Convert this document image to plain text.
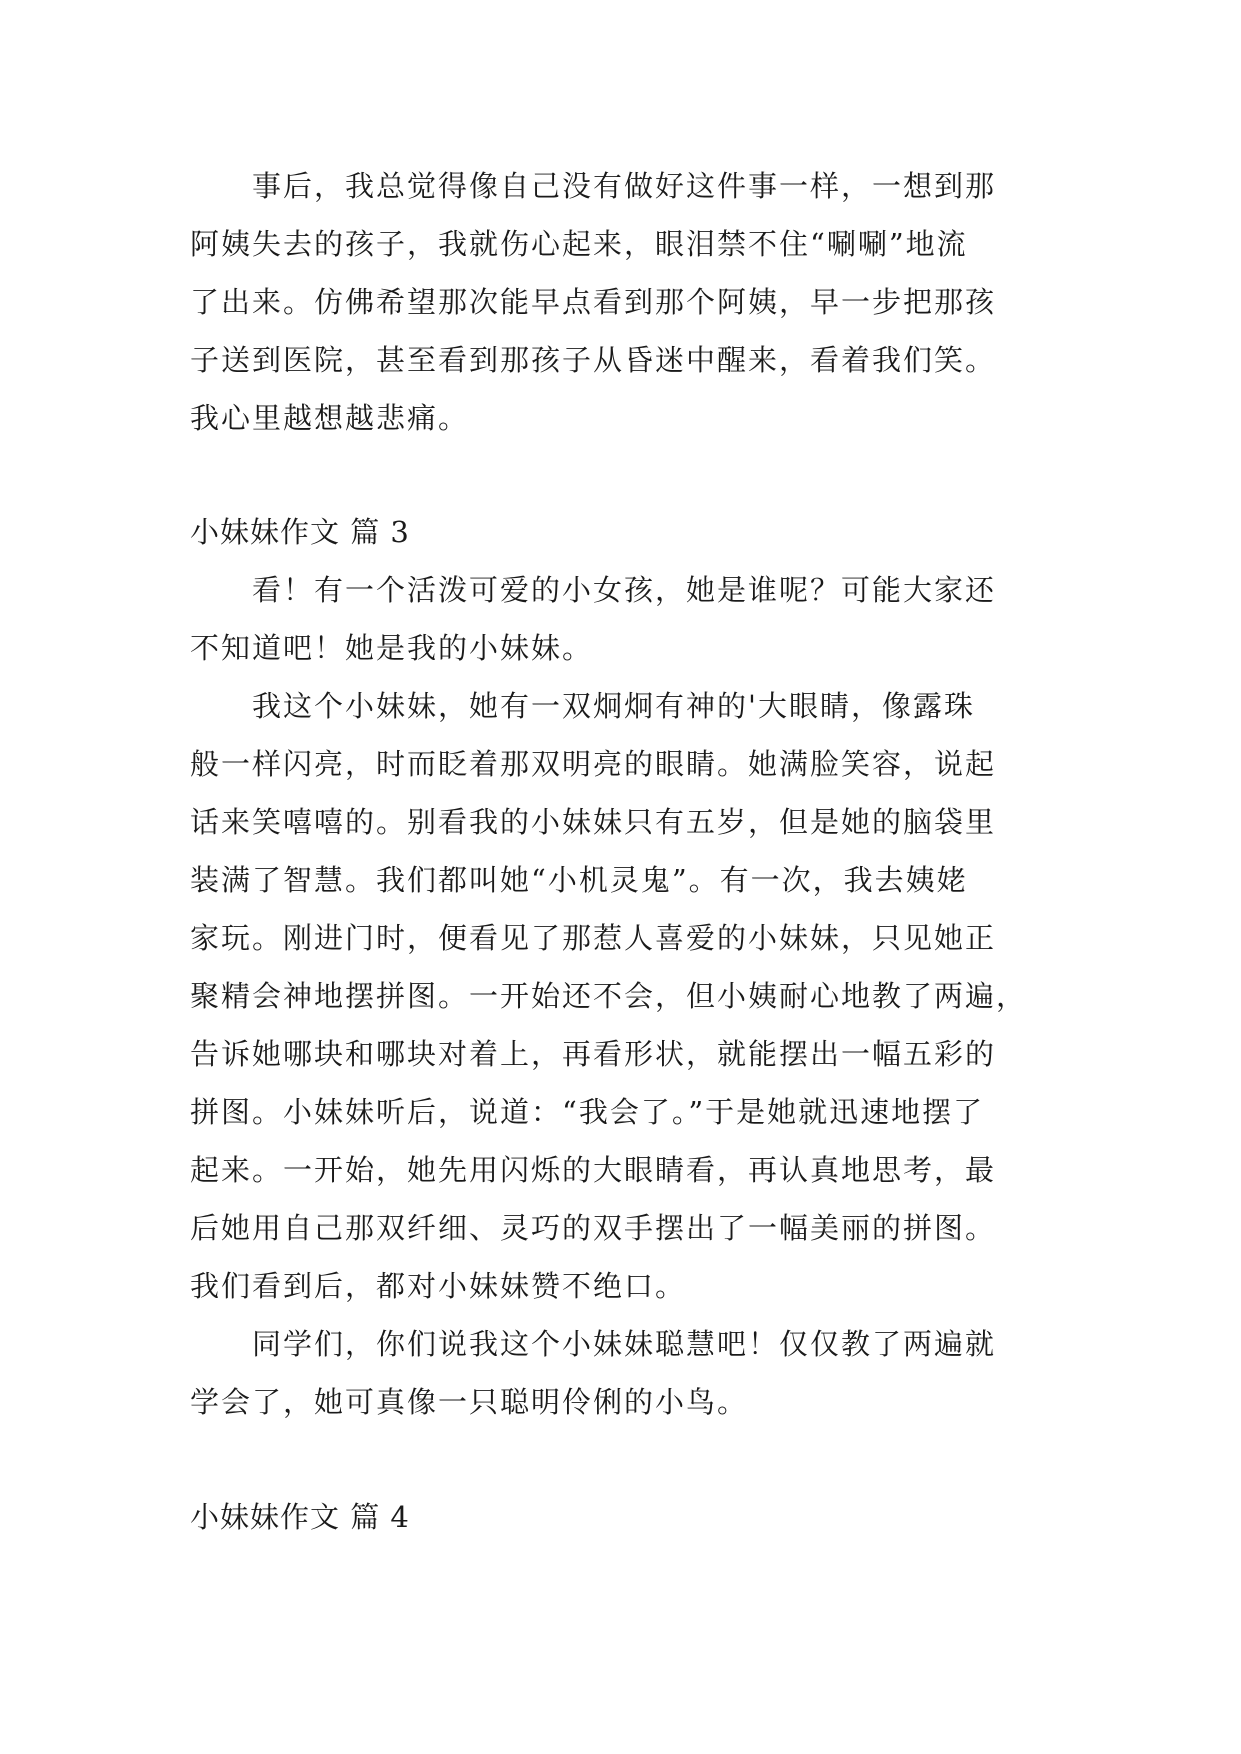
事后，我总觉得像自己没有做好这件事一样，一想到那
阿姨失去的孩子，我就伤心起来，眼泪禁不住“唰唰”地流
了出来。仿佛希望那次能早点看到那个阿姨，早一步把那孩
子送到医院，甚至看到那孩子从昏迷中醒来，看着我们笑。
我心里越想越悲痛。
小妹妹作文 篇 3
看！有一个活泼可爱的小女孩，她是谁呢？可能大家还
不知道吧！她是我的小妹妹。
我这个小妹妹，她有一双炯炯有神的'大眼睛，像露珠
般一样闪亮，时而眨着那双明亮的眼睛。她满脸笑容，说起
话来笑嘻嘻的。别看我的小妹妹只有五岁，但是她的脑袋里
装满了智慧。我们都叫她“小机灵鬼”。有一次，我去姨姥
家玩。刚进门时，便看见了那惹人喜爱的小妹妹，只见她正
聚精会神地摆拼图。一开始还不会，但小姨耐心地教了两遍，
告诉她哪块和哪块对着上，再看形状，就能摆出一幅五彩的
拼图。小妹妹听后，说道：“我会了。”于是她就迅速地摆了
起来。一开始，她先用闪烁的大眼睛看，再认真地思考，最
后她用自己那双纤细、灵巧的双手摆出了一幅美丽的拼图。
我们看到后，都对小妹妹赞不绝口。
同学们，你们说我这个小妹妹聪慧吧！仅仅教了两遍就
学会了，她可真像一只聪明伶俐的小鸟。
小妹妹作文 篇 4
